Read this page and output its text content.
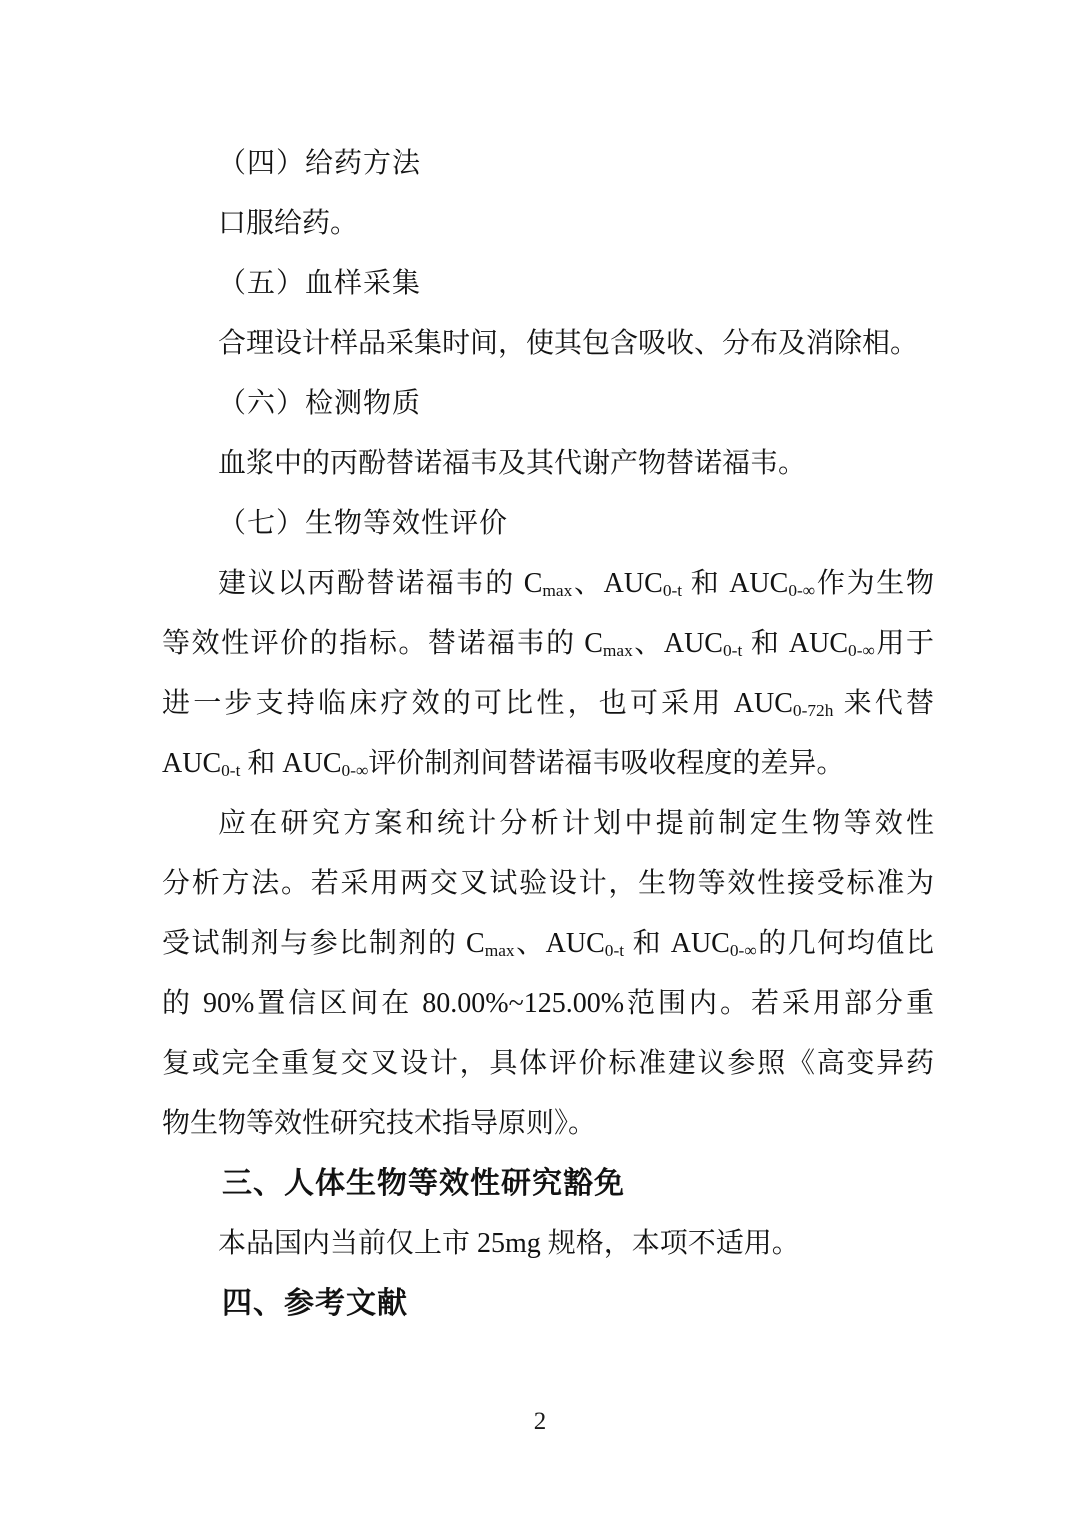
（四）给药方法
口服给药。
（五）血样采集
合理设计样品采集时间，使其包含吸收、分布及消除相。
（六）检测物质
血浆中的丙酚替诺福韦及其代谢产物替诺福韦。
（七）生物等效性评价
建议以丙酚替诺福韦的 $C_{max}$、$AUC_{0-t}$ 和 $AUC_{0-\infty}$作为生物
等效性评价的指标。替诺福韦的 $C_{max}$、$AUC_{0-t}$ 和 $AUC_{0-\infty}$用于
进一步支持临床疗效的可比性，也可采用 $AUC_{0-72h}$ 来代替
$AUC_{0-t}$ 和 $AUC_{0-\infty}$评价制剂间替诺福韦吸收程度的差异。
应在研究方案和统计分析计划中提前制定生物等效性
分析方法。若采用两交叉试验设计，生物等效性接受标准为
受试制剂与参比制剂的 $C_{max}$、$AUC_{0-t}$ 和 $AUC_{0-\infty}$的几何均值比
的 90%置信区间在 80.00%~125.00%范围内。若采用部分重
复或完全重复交叉设计，具体评价标准建议参照《高变异药
物生物等效性研究技术指导原则》。
三、人体生物等效性研究豁免
本品国内当前仅上市 25mg 规格，本项不适用。
四、参考文献
2
